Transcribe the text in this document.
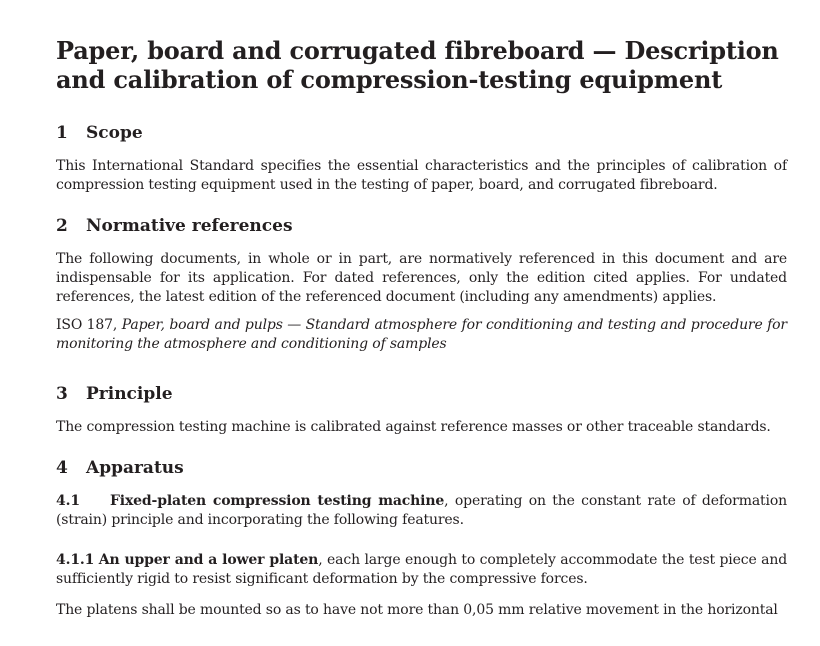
Paper, board and corrugated fibreboard — Description and calibration of compression-testing equipment
1 Scope

This International Standard specifies the essential characteristics and the principles of calibration of compression testing equipment used in the testing of paper, board, and corrugated fibreboard.

2 Normative references

The following documents, in whole or in part, are normatively referenced in this document and are indispensable for its application. For dated references, only the edition cited applies. For undated references, the latest edition of the referenced document (including any amendments) applies.

ISO 187, Paper, board and pulps — Standard atmosphere for conditioning and testing and procedure for monitoring the atmosphere and conditioning of samples

3 Principle

The compression testing machine is calibrated against reference masses or other traceable standards.

4 Apparatus

4.1 Fixed-platen compression testing machine, operating on the constant rate of deformation (strain) principle and incorporating the following features.

4.1.1 An upper and a lower platen, each large enough to completely accommodate the test piece and sufficiently rigid to resist significant deformation by the compressive forces.

The platens shall be mounted so as to have not more than 0,05 mm relative movement in the horizontal
